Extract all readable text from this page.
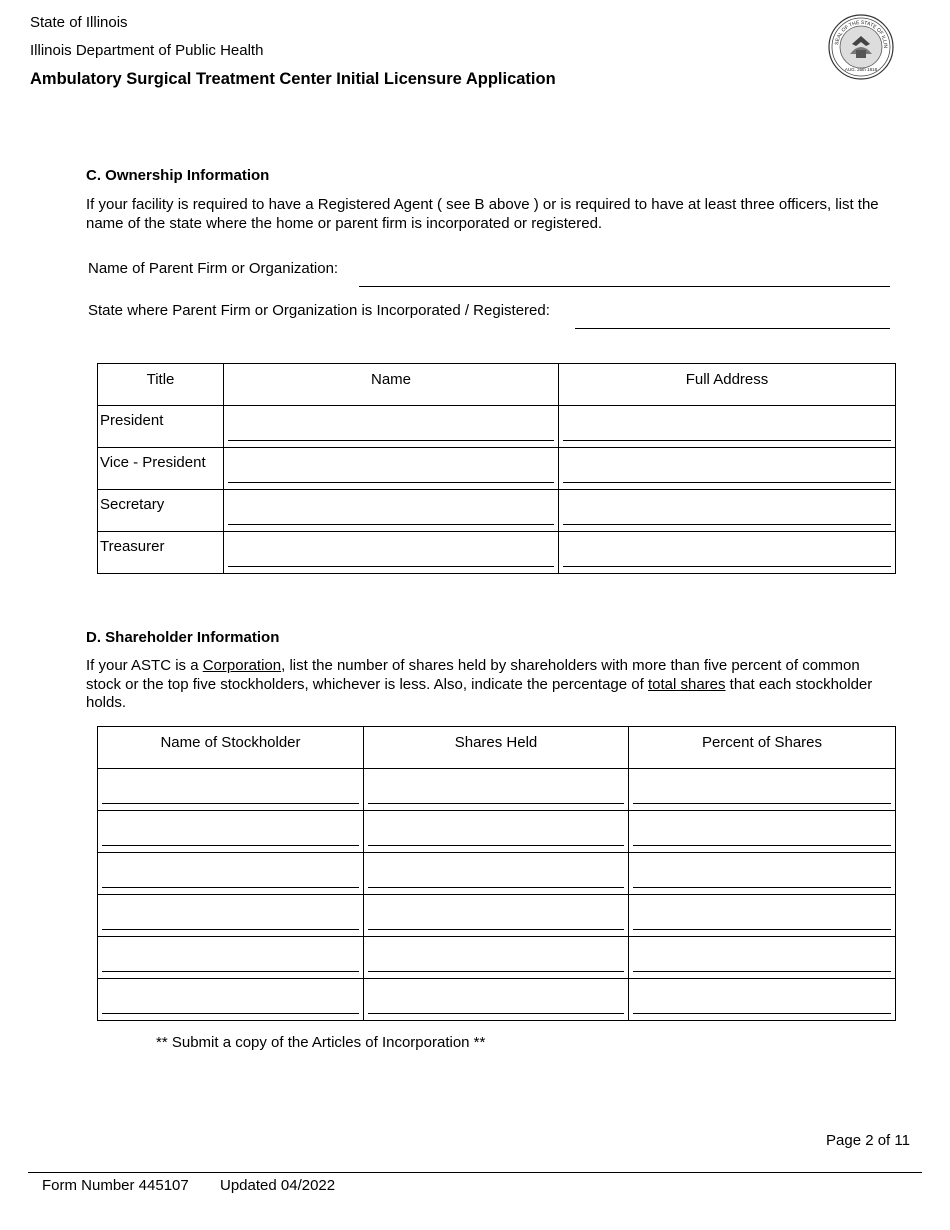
State of Illinois
Illinois Department of Public Health
Ambulatory Surgical Treatment Center Initial Licensure Application
SEAL OF THE STATE OF ILLIN
AUG. 26th 1818
C. Ownership Information
If your facility is required to have a Registered Agent ( see B above ) or is required to have at least three officers, list the name of the state where the home or parent firm is incorporated or registered.
Name of Parent Firm or Organization:
State where Parent Firm or Organization is Incorporated / Registered:
Title	Name	Full Address
President	

Vice - President	

Secretary	

Treasurer	

D. Shareholder Information
If your ASTC is a Corporation, list the number of shares held by shareholders with more than five percent of common stock or the top five stockholders, whichever is less. Also, indicate the percentage of total shares that each stockholder holds.
Name of Stockholder	Shares Held	Percent of Shares

** Submit a copy of the Articles of Incorporation **
Page 2 of 11
Form Number 445107 Updated 04/2022
